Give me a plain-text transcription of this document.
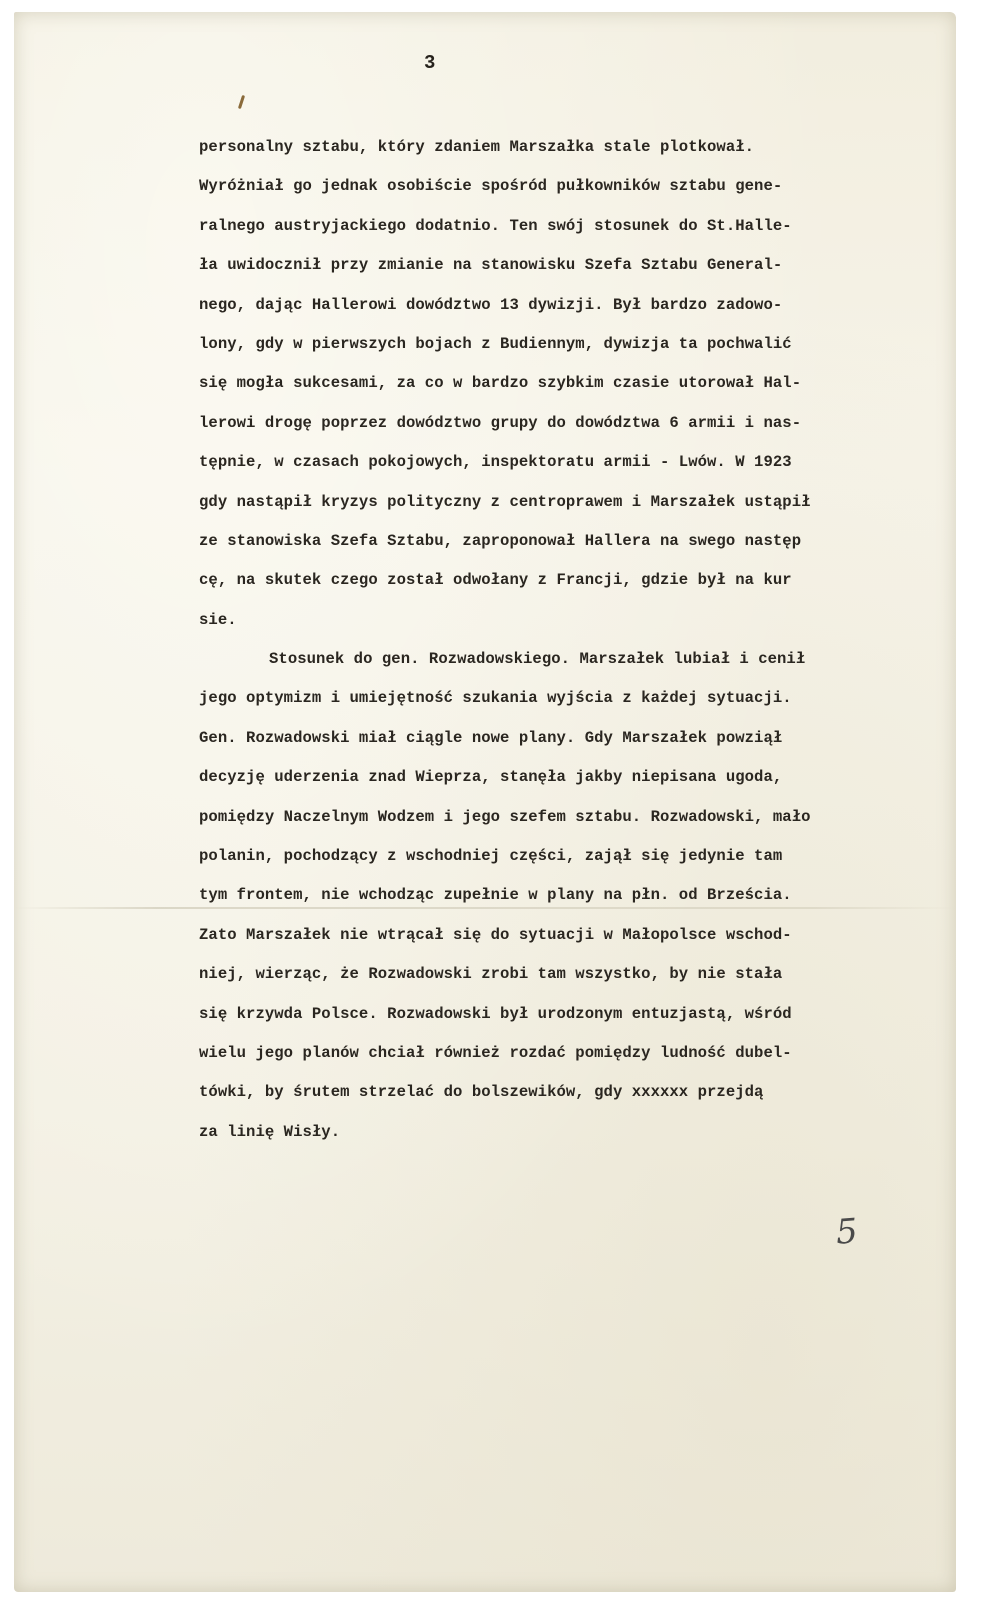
3
personalny sztabu, który zdaniem Marszałka stale plotkował.
Wyróżniał go jednak osobiście spośród pułkowników sztabu gene-
ralnego austryjackiego dodatnio. Ten swój stosunek do St.Halle-
ła uwidocznił przy zmianie na stanowisku Szefa Sztabu General-
nego, dając Hallerowi dowództwo 13 dywizji. Był bardzo zadowo-
lony, gdy w pierwszych bojach z Budiennym, dywizja ta pochwalić
się mogła sukcesami, za co w bardzo szybkim czasie utorował Hal-
lerowi drogę poprzez dowództwo grupy do dowództwa 6 armii i nas-
tępnie, w czasach pokojowych, inspektoratu armii - Lwów. W 1923
gdy nastąpił kryzys polityczny z centroprawem i Marszałek ustąpił
ze stanowiska Szefa Sztabu, zaproponował Hallera na swego następ
cę, na skutek czego został odwołany z Francji, gdzie był na kur
sie.
Stosunek do gen. Rozwadowskiego. Marszałek lubiał i cenił
jego optymizm i umiejętność szukania wyjścia z każdej sytuacji.
Gen. Rozwadowski miał ciągle nowe plany. Gdy Marszałek powziął
decyzję uderzenia znad Wieprza, stanęła jakby niepisana ugoda,
pomiędzy Naczelnym Wodzem i jego szefem sztabu. Rozwadowski, mało
polanin, pochodzący z wschodniej części, zajął się jedynie tam
tym frontem, nie wchodząc zupełnie w plany na płn. od Brześcia.
Zato Marszałek nie wtrącał się do sytuacji w Małopolsce wschod-
niej, wierząc, że Rozwadowski zrobi tam wszystko, by nie stała
się krzywda Polsce. Rozwadowski był urodzonym entuzjastą, wśród
wielu jego planów chciał również rozdać pomiędzy ludność dubel-
tówki, by śrutem strzelać do bolszewików, gdy xxxxxx przejdą
za linię Wisły.
5
